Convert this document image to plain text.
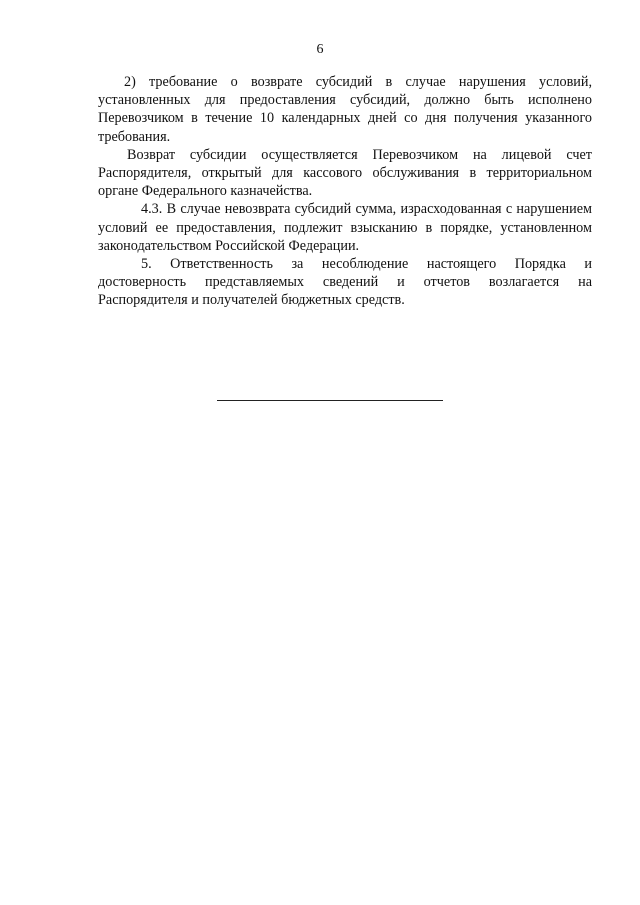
6

2) требование о возврате субсидий в случае нарушения условий, установленных для предоставления субсидий, должно быть исполнено Перевозчиком в течение 10 календарных дней со дня получения указанного требования.

Возврат субсидии осуществляется Перевозчиком на лицевой счет Распорядителя, открытый для кассового обслуживания в территориальном органе Федерального казначейства.

4.3. В случае невозврата субсидий сумма, израсходованная с нарушением условий ее предоставления, подлежит взысканию в порядке, установленном законодательством Российской Федерации.

5. Ответственность за несоблюдение настоящего Порядка и достоверность представляемых сведений и отчетов возлагается на Распорядителя и получателей бюджетных средств.
